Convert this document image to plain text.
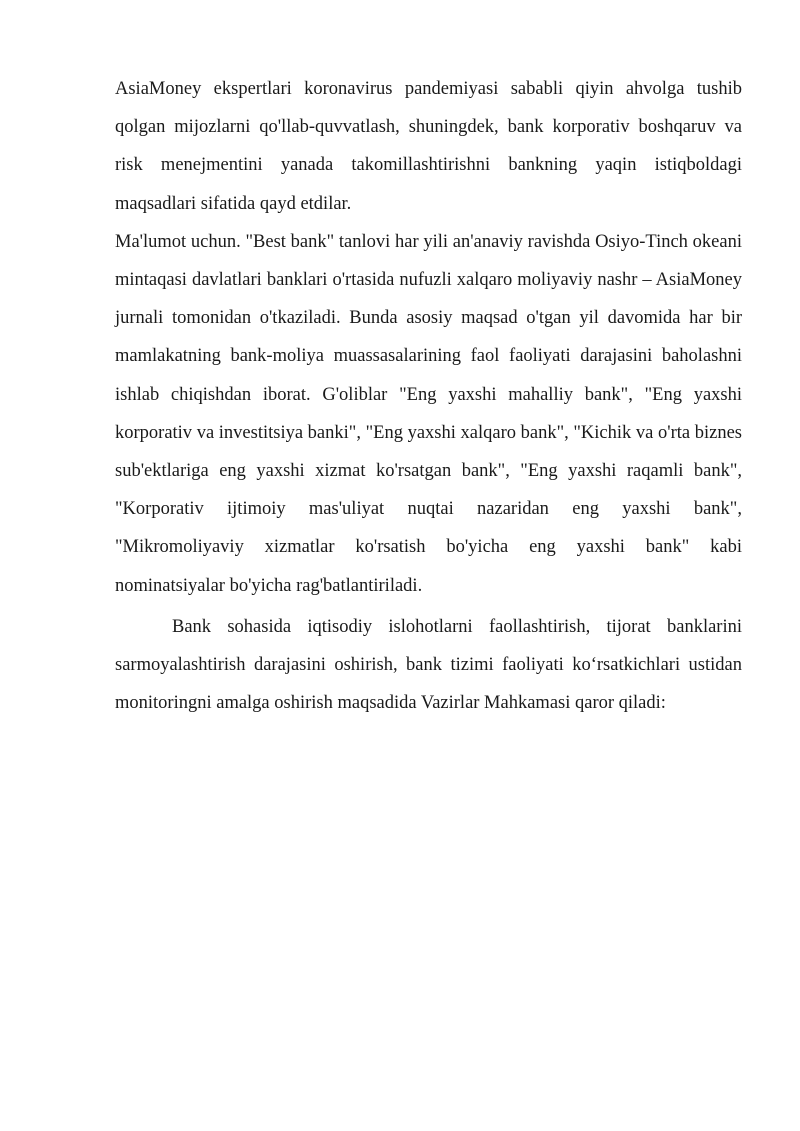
AsiaMoney ekspertlari koronavirus pandemiyasi sababli qiyin ahvolga tushib qolgan mijozlarni qo'llab-quvvatlash, shuningdek, bank korporativ boshqaruv va risk menejmentini yanada takomillashtirishni bankning yaqin istiqboldagi maqsadlari sifatida qayd etdilar.

Ma'lumot uchun. "Best bank" tanlovi har yili an'anaviy ravishda Osiyo-Tinch okeani mintaqasi davlatlari banklari o'rtasida nufuzli xalqaro moliyaviy nashr – AsiaMoney jurnali tomonidan o'tkaziladi. Bunda asosiy maqsad o'tgan yil davomida har bir mamlakatning bank-moliya muassasalarining faol faoliyati darajasini baholashni ishlab chiqishdan iborat. G'oliblar "Eng yaxshi mahalliy bank", "Eng yaxshi korporativ va investitsiya banki", "Eng yaxshi xalqaro bank", "Kichik va o'rta biznes sub'ektlariga eng yaxshi xizmat ko'rsatgan bank", "Eng yaxshi raqamli bank", "Korporativ ijtimoiy mas'uliyat nuqtai nazaridan eng yaxshi bank", "Mikromoliyaviy xizmatlar ko'rsatish bo'yicha eng yaxshi bank" kabi nominatsiyalar bo'yicha rag'batlantiriladi.

Bank sohasida iqtisodiy islohotlarni faollashtirish, tijorat banklarini sarmoyalashtirish darajasini oshirish, bank tizimi faoliyati ko‘rsatkichlari ustidan monitoringni amalga oshirish maqsadida Vazirlar Mahkamasi qaror qiladi:
